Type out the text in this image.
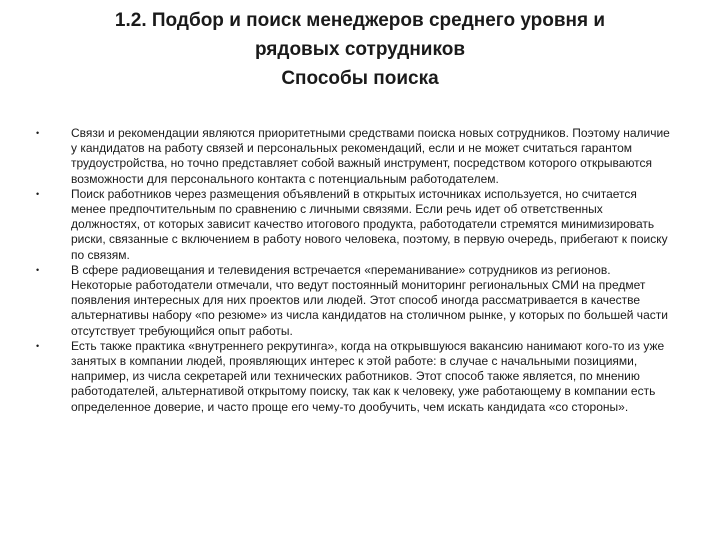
1.2. Подбор и поиск менеджеров среднего уровня и
рядовых сотрудников
Способы поиска
•	Связи и рекомендации являются приоритетными средствами поиска новых сотрудников. Поэтому наличие у кандидатов на работу связей и персональных рекомендаций, если и не может считаться гарантом трудоустройства, но точно представляет собой важный инструмент, посредством которого открываются возможности для персонального контакта с потенциальным работодателем.
•	Поиск работников через размещения объявлений в открытых источниках используется, но считается менее предпочтительным по сравнению с личными связями. Если речь идет об ответственных должностях, от которых зависит качество итогового продукта, работодатели стремятся минимизировать риски, связанные с включением в работу нового человека, поэтому, в первую очередь, прибегают к поиску по связям.
•	В сфере радиовещания и телевидения встречается «переманивание» сотрудников из регионов. Некоторые работодатели отмечали, что ведут постоянный мониторинг региональных СМИ на предмет появления интересных для них проектов или людей. Этот способ иногда рассматривается в качестве альтернативы набору «по резюме» из числа кандидатов на столичном рынке, у которых по большей части отсутствует требующийся опыт работы.
•	Есть также практика «внутреннего рекрутинга», когда на открывшуюся вакансию нанимают кого-то из уже занятых в компании людей, проявляющих интерес к этой работе: в случае с начальными позициями, например, из числа секретарей или технических работников. Этот способ также является, по мнению работодателей, альтернативой открытому поиску, так как к человеку, уже работающему в компании есть определенное доверие, и часто проще его чему-то дообучить, чем искать кандидата «со стороны».
